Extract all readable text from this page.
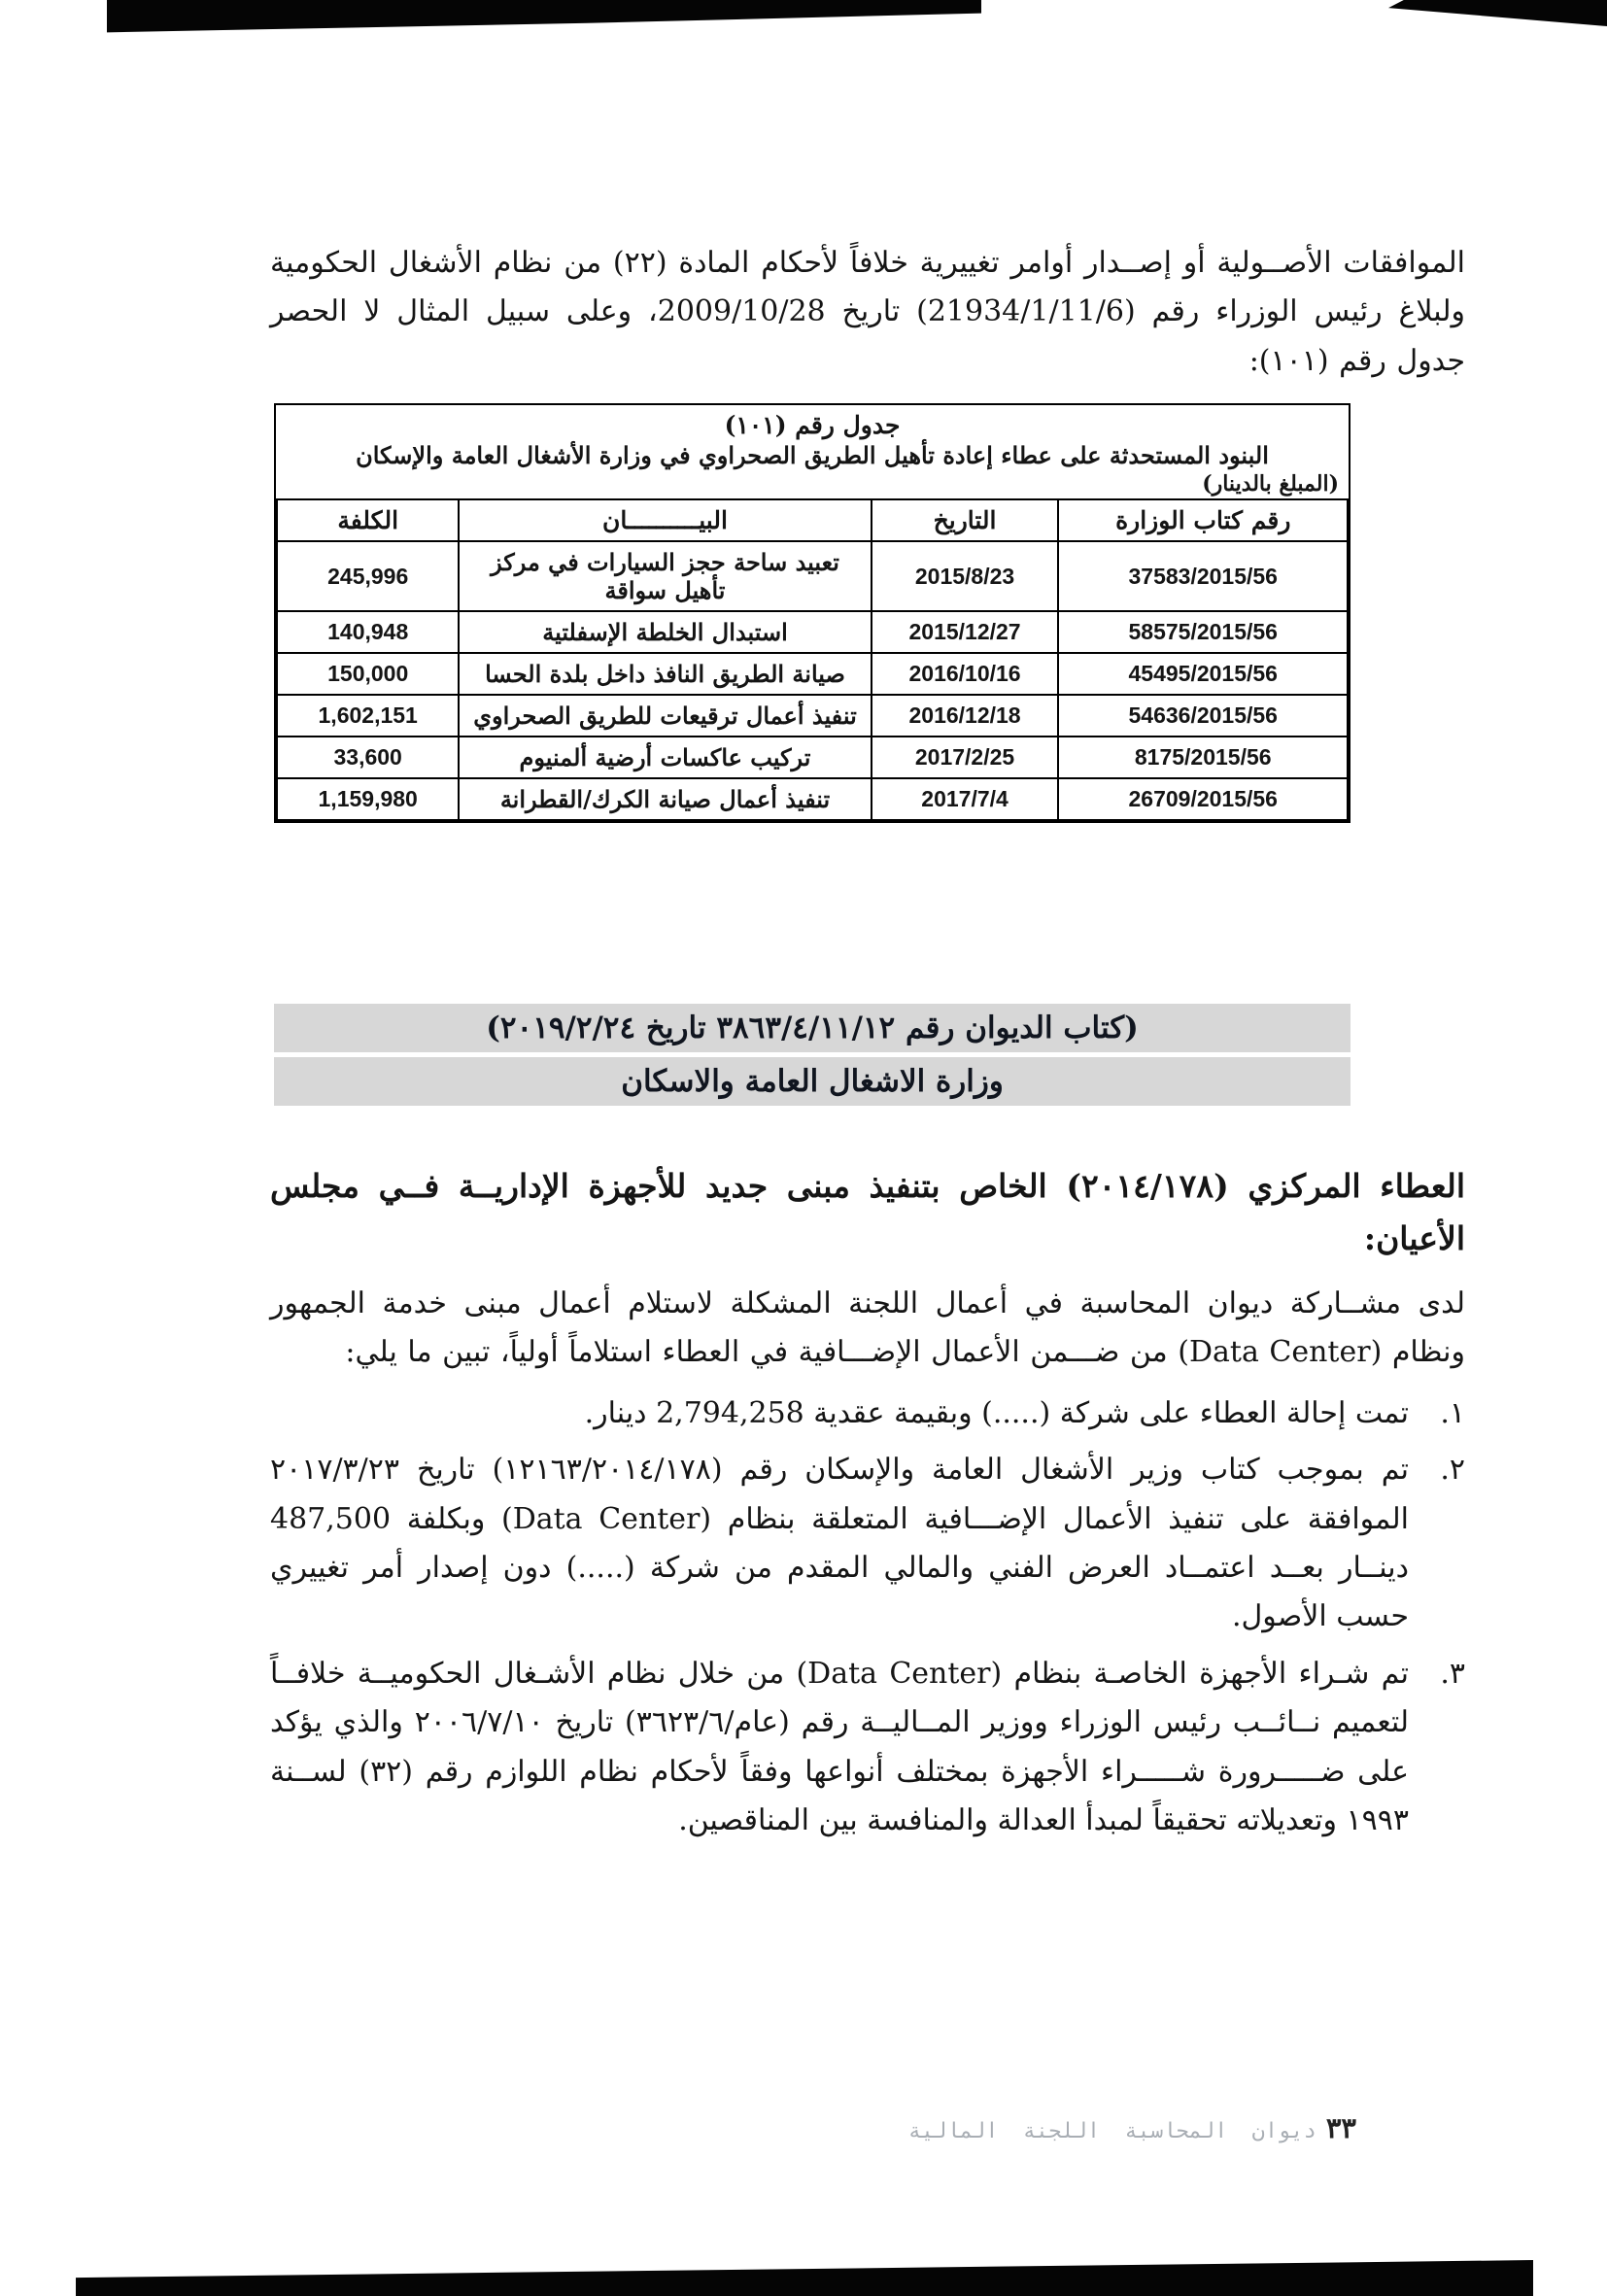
الموافقات الأصــولية أو إصــدار أوامر تغييرية خلافاً لأحكام المادة (٢٢) من نظام الأشغال الحكومية ولبلاغ رئيس الوزراء رقم (21934/1/11/6) تاريخ 2009/10/28، وعلى سبيل المثال لا الحصر جدول رقم (١٠١):

جدول رقم (١٠١)
البنود المستحدثة على عطاء إعادة تأهيل الطريق الصحراوي في وزارة الأشغال العامة والإسكان
(المبلغ بالدينار)
رقم كتاب الوزارة	التاريخ	البيــــــــــان	الكلفة
37583/2015/56	2015/8/23	تعبيد ساحة حجز السيارات في مركز تأهيل سواقة	245,996
58575/2015/56	2015/12/27	استبدال الخلطة الإسفلتية	140,948
45495/2015/56	2016/10/16	صيانة الطريق النافذ داخل بلدة الحسا	150,000
54636/2015/56	2016/12/18	تنفيذ أعمال ترقيعات للطريق الصحراوي	1,602,151
8175/2015/56	2017/2/25	تركيب عاكسات أرضية ألمنيوم	33,600
26709/2015/56	2017/7/4	تنفيذ أعمال صيانة الكرك/القطرانة	1,159,980
(كتاب الديوان رقم ٣٨٦٣/٤/١١/١٢ تاريخ ٢٠١٩/٢/٢٤)
وزارة الاشغال العامة والاسكان
العطاء المركزي (٢٠١٤/١٧٨) الخاص بتنفيذ مبنى جديد للأجهزة الإداريــة فــي مجلس الأعيان:

لدى مشــاركة ديوان المحاسبة في أعمال اللجنة المشكلة لاستلام أعمال مبنى خدمة الجمهور ونظام (Data Center) من ضـــمن الأعمال الإضـــافية في العطاء استلاماً أولياً، تبين ما يلي:

١.
تمت إحالة العطاء على شركة (.....) وبقيمة عقدية 2,794,258 دينار.
٢.
تم بموجب كتاب وزير الأشغال العامة والإسكان رقم (١٢١٦٣/٢٠١٤/١٧٨) تاريخ ٢٠١٧/٣/٢٣ الموافقة على تنفيذ الأعمال الإضـــافية المتعلقة بنظام (Data Center) وبكلفة 487,500 دينــار بعــد اعتمــاد العرض الفني والمالي المقدم من شركة (.....) دون إصدار أمر تغييري حسب الأصول.
٣.
تم شـراء الأجهزة الخاصـة بنظام (Data Center) من خلال نظام الأشـغال الحكوميــة خلافــاً لتعميم نــائــب رئيس الوزراء ووزير المــاليــة رقم (عام/٣٦٢٣/٦) تاريخ ٢٠٠٦/٧/١٠ والذي يؤكد على ضـــــرورة شـــــراء الأجهزة بمختلف أنواعها وفقاً لأحكام نظام اللوازم رقم (٣٢) لســنة ١٩٩٣ وتعديلاته تحقيقاً لمبدأ العدالة والمنافسة بين المناقصين.
٣٣
ديوان المحاسبة اللجنة المالية
